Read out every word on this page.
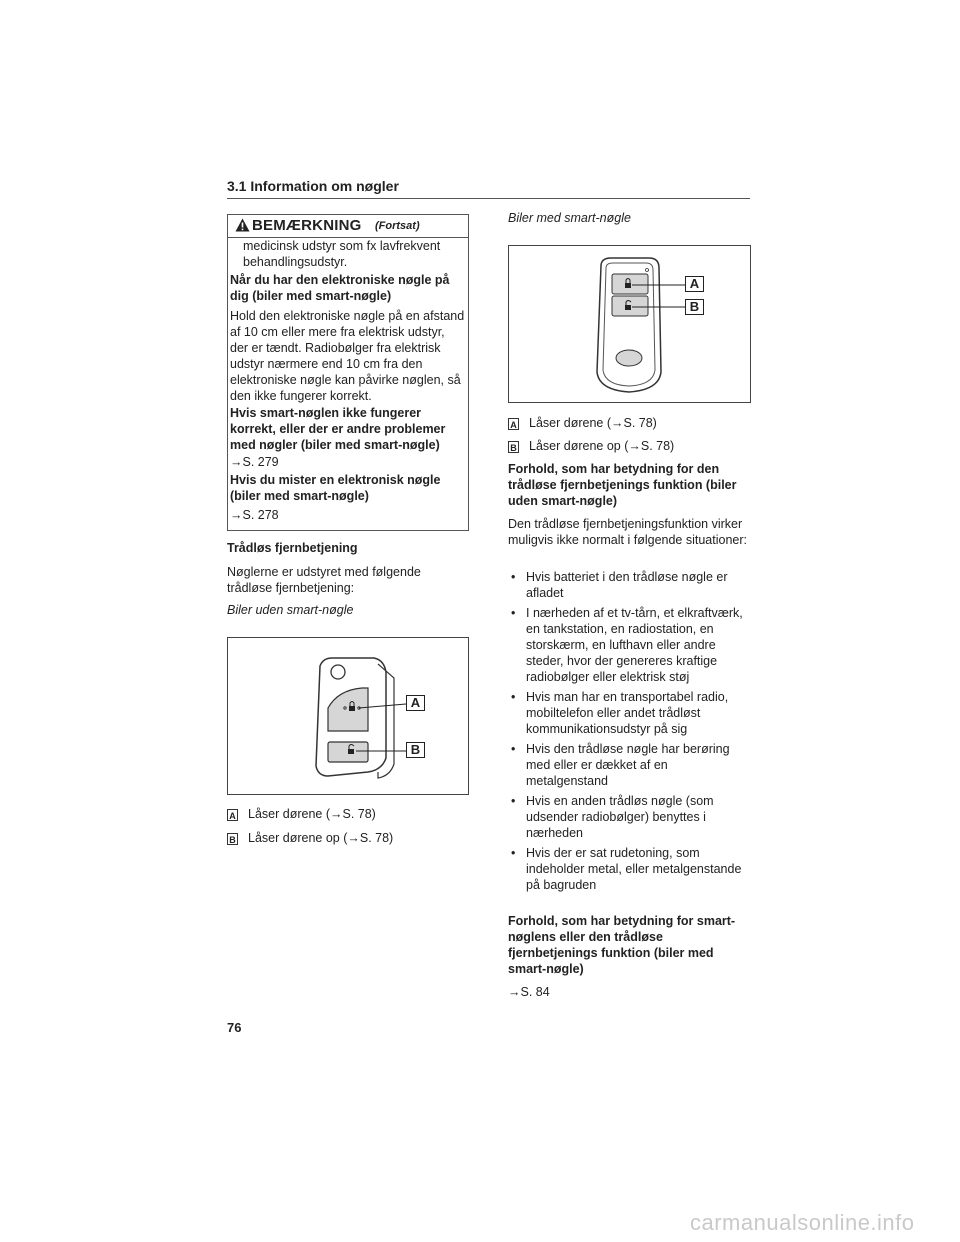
3.1 Information om nøgler
BEMÆRKNING (Fortsat)
medicinsk udstyr som fx lavfrekvent behandlingsudstyr.
Når du har den elektroniske nøgle på dig (biler med smart-nøgle)
Hold den elektroniske nøgle på en afstand af 10 cm eller mere fra elektrisk udstyr, der er tændt. Radiobølger fra elektrisk udstyr nærmere end 10 cm fra den elektroniske nøgle kan påvirke nøglen, så den ikke fungerer korrekt.
Hvis smart-nøglen ikke fungerer korrekt, eller der er andre problemer med nøgler (biler med smart-nøgle)
→S. 279
Hvis du mister en elektronisk nøgle (biler med smart-nøgle)
→S. 278
Trådløs fjernbetjening
Nøglerne er udstyret med følgende trådløse fjernbetjening:
Biler uden smart-nøgle
A
B
A Låser dørene (→S. 78)
B Låser dørene op (→S. 78)
Biler med smart-nøgle
A
B
A Låser dørene (→S. 78)
B Låser dørene op (→S. 78)
Forhold, som har betydning for den trådløse fjernbetjenings funktion (biler uden smart-nøgle)
Den trådløse fjernbetjeningsfunktion virker muligvis ikke normalt i følgende situationer:
• Hvis batteriet i den trådløse nøgle er afladet
• I nærheden af et tv-tårn, et elkraftværk, en tankstation, en radiostation, en storskærm, en lufthavn eller andre steder, hvor der genereres kraftige radiobølger eller elektrisk støj
• Hvis man har en transportabel radio, mobiltelefon eller andet trådløst kommunikationsudstyr på sig
• Hvis den trådløse nøgle har berøring med eller er dækket af en metalgenstand
• Hvis en anden trådløs nøgle (som udsender radiobølger) benyttes i nærheden
• Hvis der er sat rudetoning, som indeholder metal, eller metalgenstande på bagruden
Forhold, som har betydning for smart-nøglens eller den trådløse fjernbetjenings funktion (biler med smart-nøgle)
→S. 84
76
carmanualsonline.info
